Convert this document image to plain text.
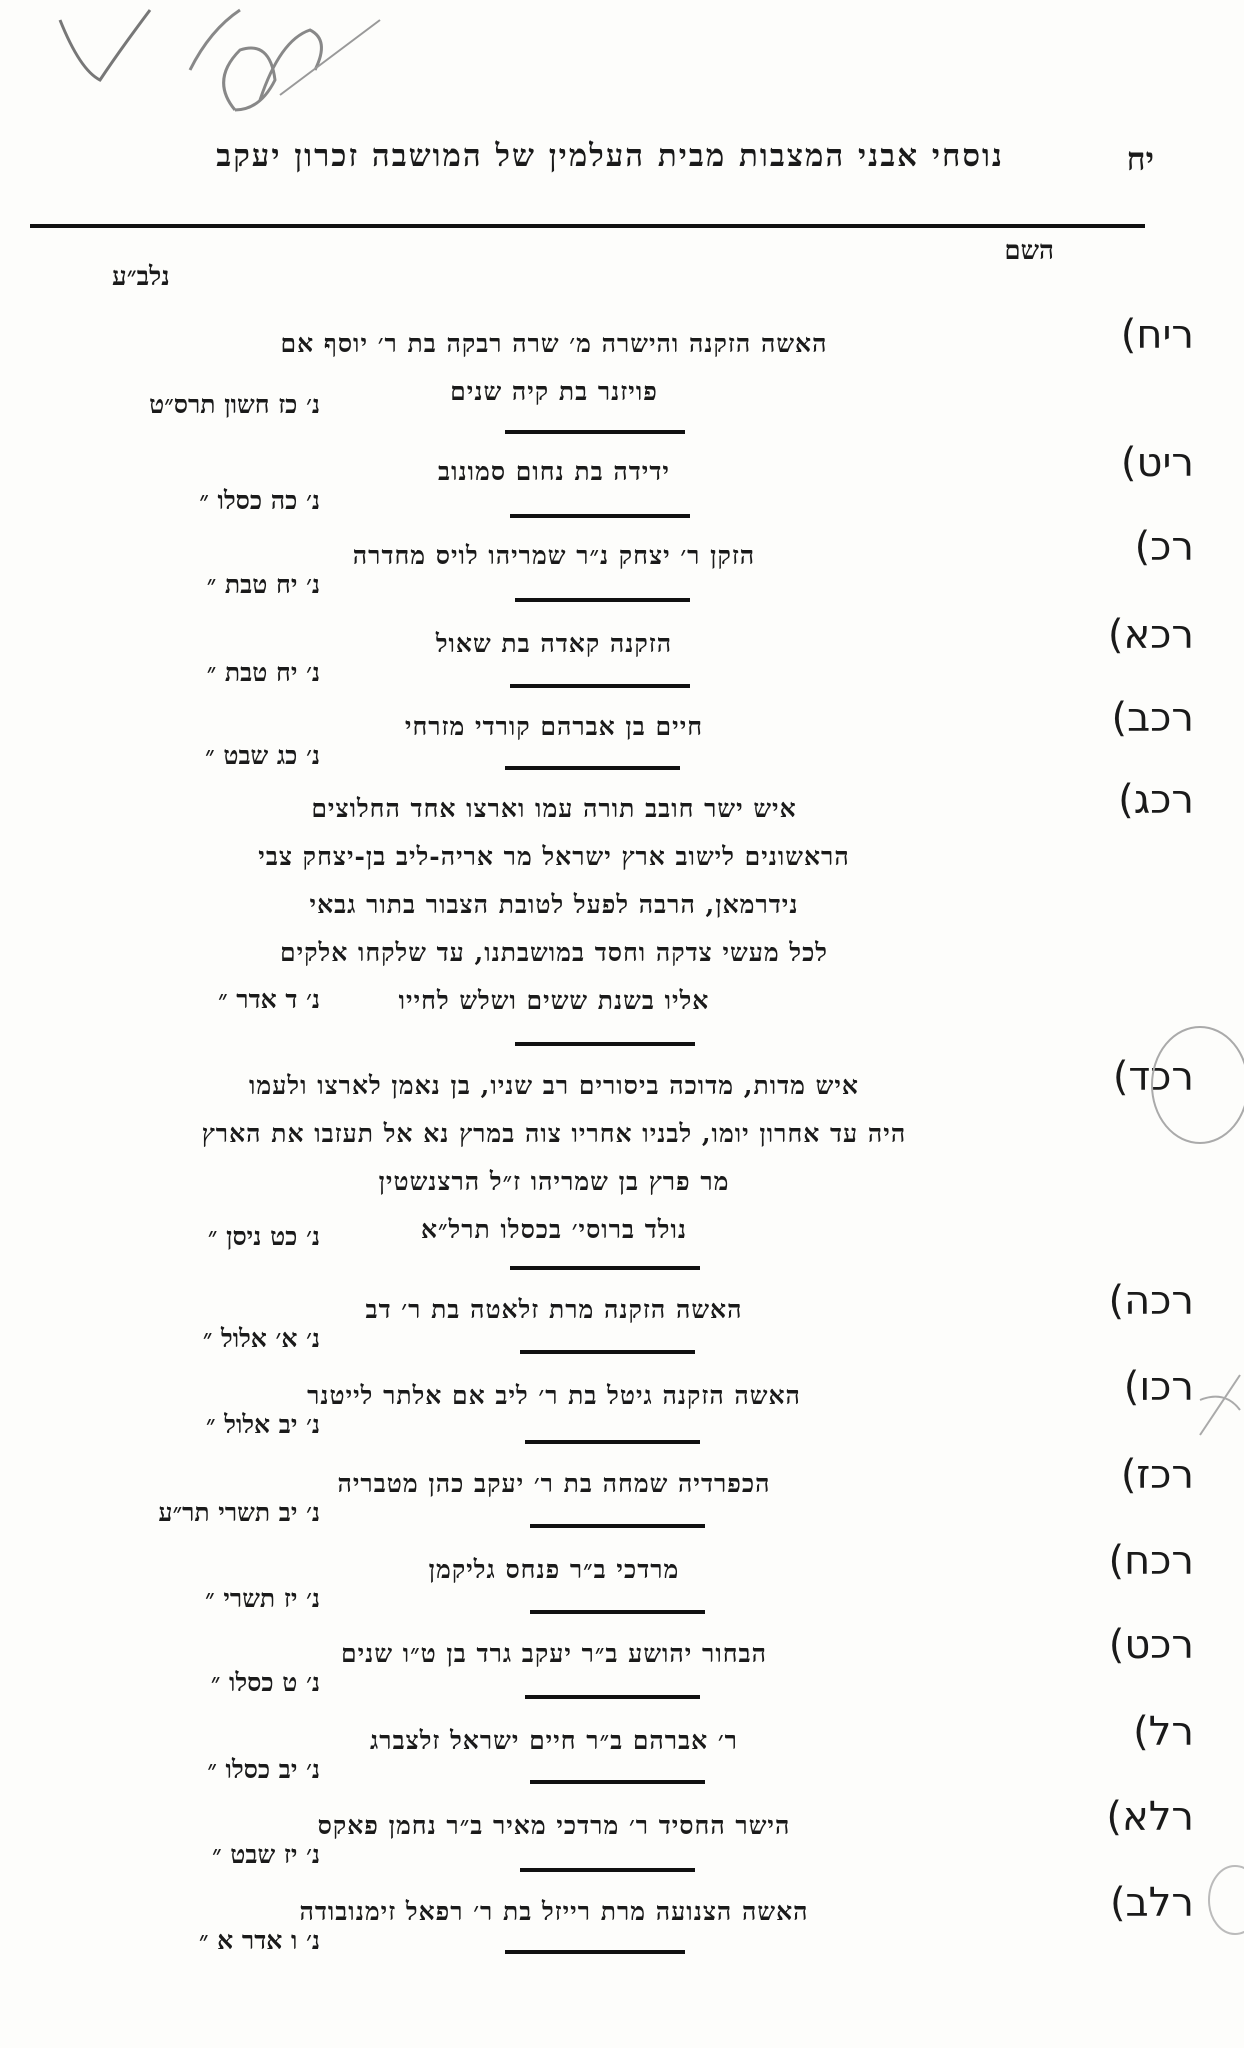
יח
נוסחי אבני המצבות מבית העלמין של המושבה זכרון יעקב
השם
נלב״ע
ריח)
האשה הזקנה והישרה מ׳ שרה רבקה בת ר׳ יוסף אם
פויזנר בת קיה שנים
נ׳ כז חשון תרס״ט
ריט)
ידידה בת נחום סמונוב
נ׳ כה כסלו ״
רכ)
הזקן ר׳ יצחק נ״ר שמריהו לויס מחדרה
נ׳ יח טבת ״
רכא)
הזקנה קאדה בת שאול
נ׳ יח טבת ״
רכב)
חיים בן אברהם קורדי מזרחי
נ׳ כג שבט ״
רכג)
איש ישר חובב תורה עמו וארצו אחד החלוצים
הראשונים לישוב ארץ ישראל מר אריה-ליב בן-יצחק צבי
נידרמאן, הרבה לפעל לטובת הצבור בתור גבאי
לכל מעשי צדקה וחסד במושבתנו, עד שלקחו אלקים
אליו בשנת ששים ושלש לחייו
נ׳ ד אדר ״
רכד)
איש מדות, מדוכה ביסורים רב שניו, בן נאמן לארצו ולעמו
היה עד אחרון יומו, לבניו אחריו צוה במרץ נא אל תעזבו את הארץ
מר פרץ בן שמריהו ז״ל הרצנשטין
נולד ברוסי׳ בכסלו תרל״א
נ׳ כט ניסן ״
רכה)
האשה הזקנה מרת זלאטה בת ר׳ דב
נ׳ א׳ אלול ״
רכו)
האשה הזקנה גיטל בת ר׳ ליב אם אלתר לייטנר
נ׳ יב אלול ״
רכז)
הכפרדיה שמחה בת ר׳ יעקב כהן מטבריה
נ׳ יב תשרי תר״ע
רכח)
מרדכי ב״ר פנחס גליקמן
נ׳ יז תשרי ״
רכט)
הבחור יהושע ב״ר יעקב גרד בן ט״ו שנים
נ׳ ט כסלו ״
רל)
ר׳ אברהם ב״ר חיים ישראל זלצברג
נ׳ יב כסלו ״
רלא)
הישר החסיד ר׳ מרדכי מאיר ב״ר נחמן פאקס
נ׳ יז שבט ״
רלב)
האשה הצנועה מרת רייזל בת ר׳ רפאל זימנובודה
נ׳ ו אדר א ״
